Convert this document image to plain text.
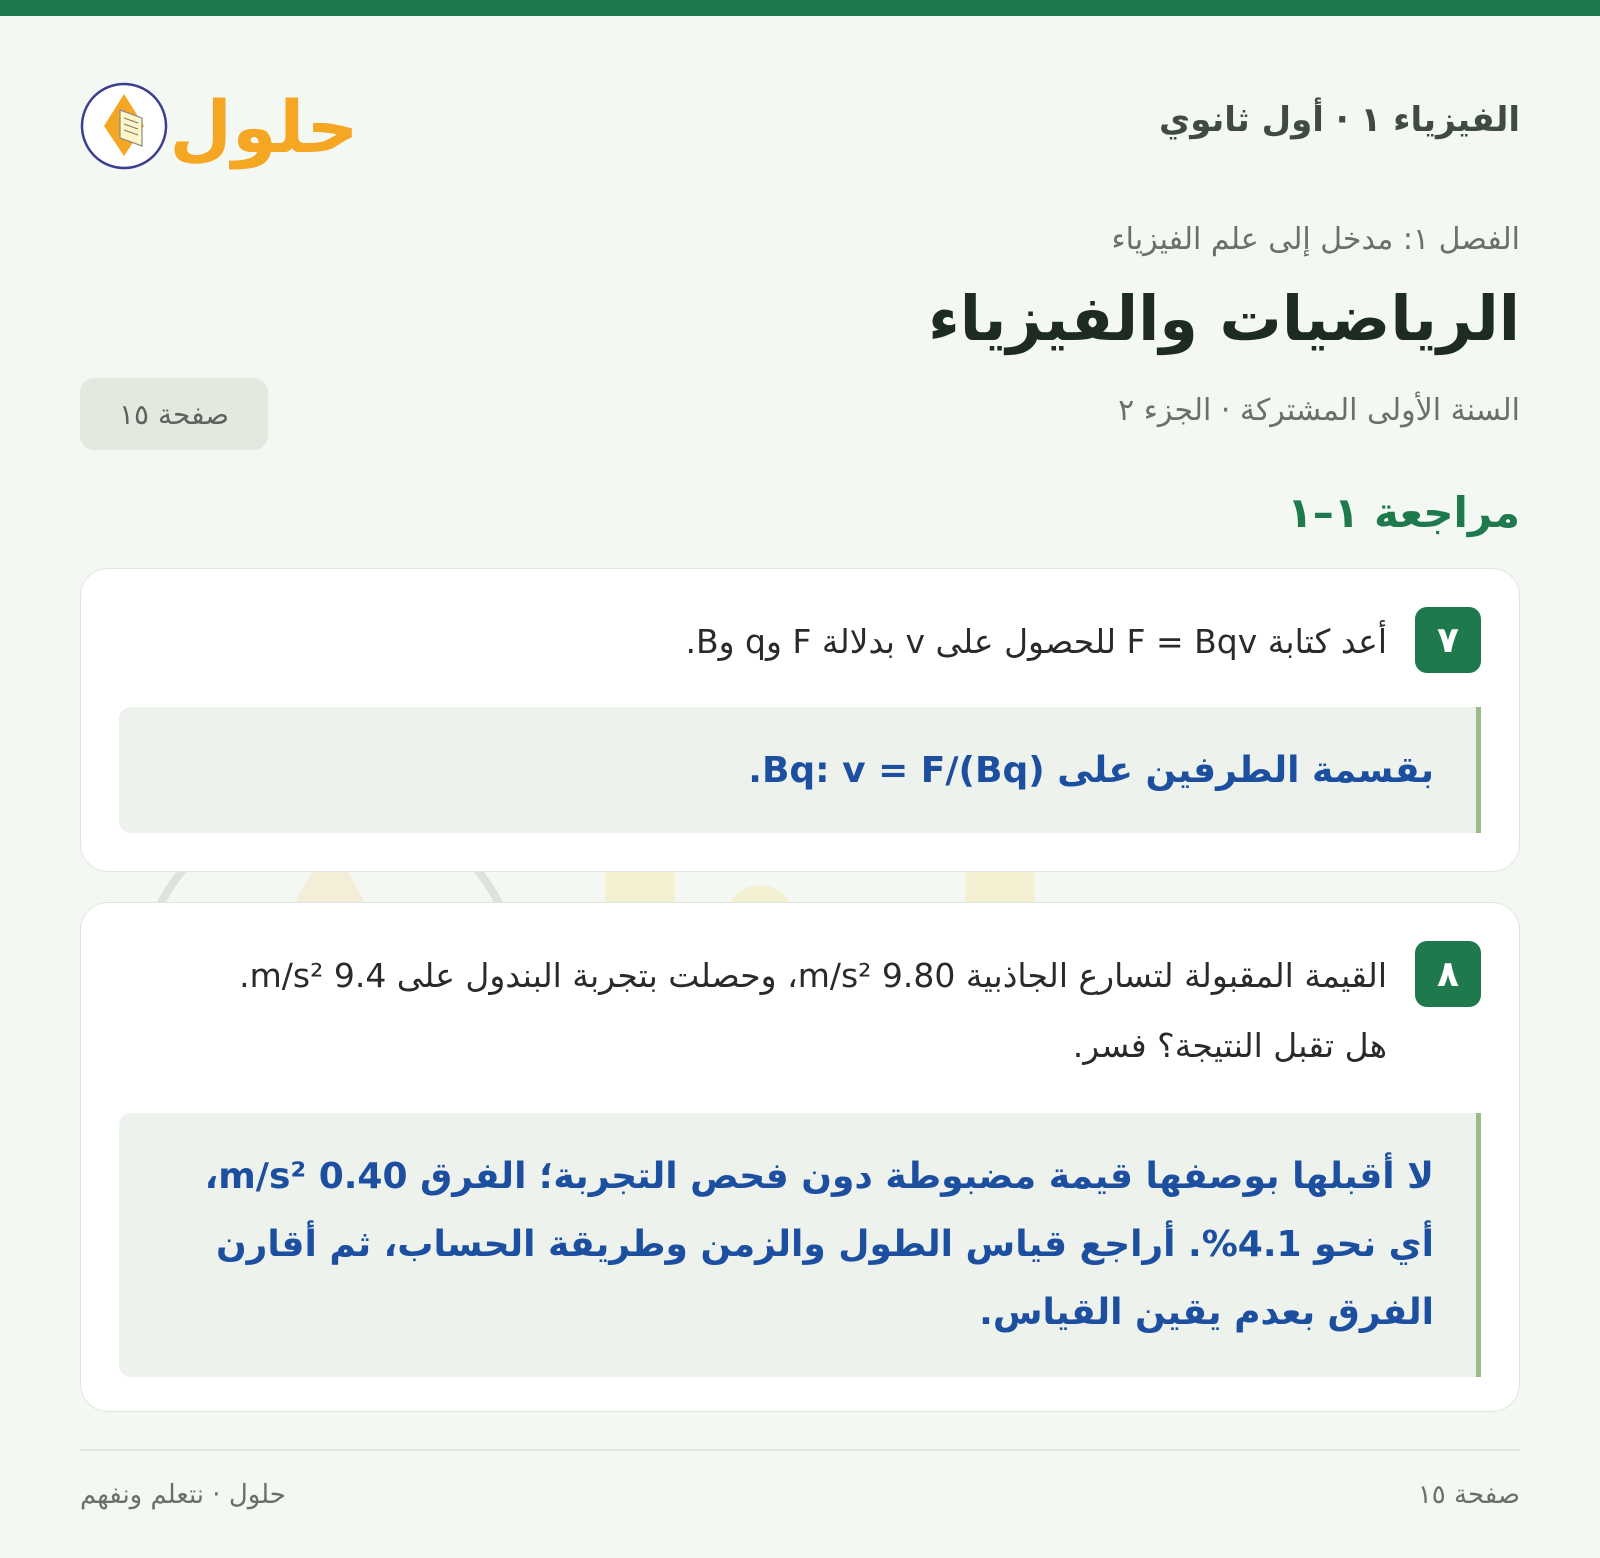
الفيزياء ١ · أول ثانوي
حلول
الفصل ١: مدخل إلى علم الفيزياء
الرياضيات والفيزياء
السنة الأولى المشتركة · الجزء ٢
صفحة ١٥
مراجعة ١–١
٧
أعد كتابة F = Bqv للحصول على v بدلالة F وq وB.
بقسمة الطرفين على Bq: v = F/(Bq).
٨
القيمة المقبولة لتسارع الجاذبية 9.80 m/s²، وحصلت بتجربة البندول على 9.4 m/s². هل تقبل النتيجة؟ فسر.
لا أقبلها بوصفها قيمة مضبوطة دون فحص التجربة؛ الفرق 0.40 m/s²، أي نحو 4.1%. أراجع قياس الطول والزمن وطريقة الحساب، ثم أقارن الفرق بعدم يقين القياس.
صفحة ١٥
حلول · نتعلم ونفهم
